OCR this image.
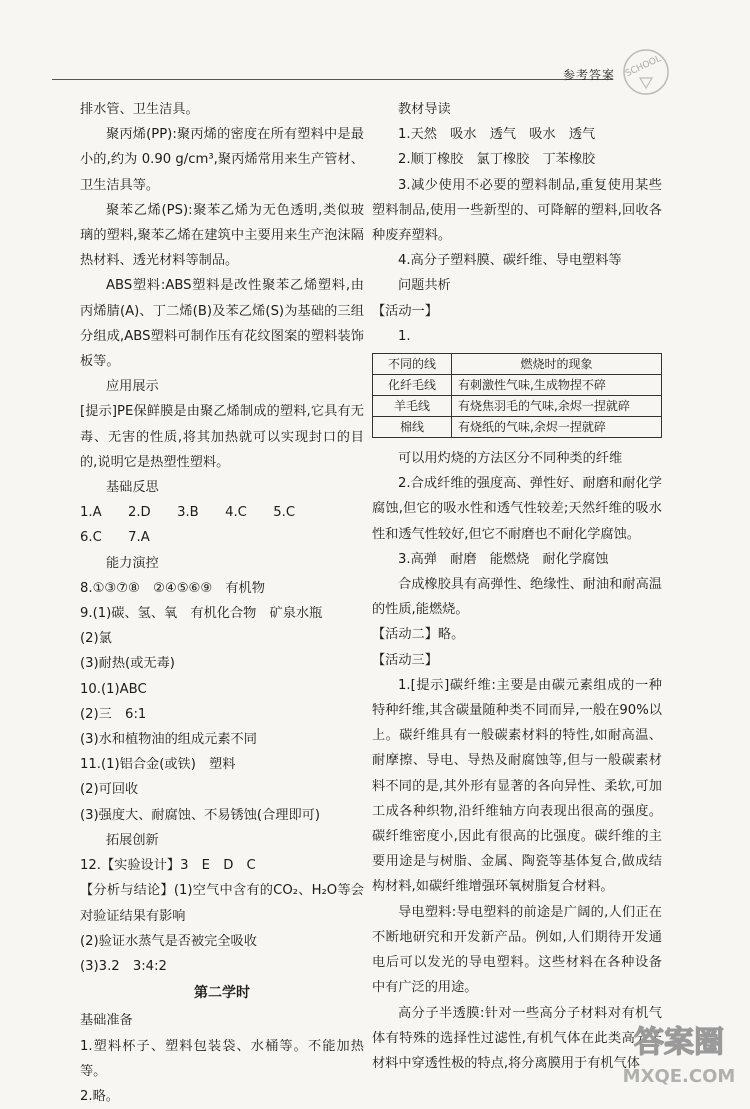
参考答案 SCHOOL

排水管、卫生洁具。

聚丙烯(PP):聚丙烯的密度在所有塑料中是最小的,约为 0.90 g/cm³,聚丙烯常用来生产管材、卫生洁具等。

聚苯乙烯(PS):聚苯乙烯为无色透明,类似玻璃的塑料,聚苯乙烯在建筑中主要用来生产泡沫隔热材料、透光材料等制品。

ABS塑料:ABS塑料是改性聚苯乙烯塑料,由丙烯腈(A)、丁二烯(B)及苯乙烯(S)为基础的三组分组成,ABS塑料可制作压有花纹图案的塑料装饰板等。

应用展示

[提示]PE保鲜膜是由聚乙烯制成的塑料,它具有无毒、无害的性质,将其加热就可以实现封口的目的,说明它是热塑性塑料。

基础反思

1.A　　2.D　　3.B　　4.C　　5.C

6.C　　7.A

能力演控

8.①③⑦⑧　②④⑤⑥⑨　有机物

9.(1)碳、氢、氧　有机化合物　矿泉水瓶

(2)氯

(3)耐热(或无毒)

10.(1)ABC

(2)三　6:1

(3)水和植物油的组成元素不同

11.(1)铝合金(或铁)　塑料

(2)可回收

(3)强度大、耐腐蚀、不易锈蚀(合理即可)

拓展创新

12.【实验设计】3　E　D　C

【分析与结论】(1)空气中含有的CO₂、H₂O等会对验证结果有影响

(2)验证水蒸气是否被完全吸收

(3)3.2　3:4:2

第二学时

基础准备

1.塑料杯子、塑料包装袋、水桶等。不能加热等。

2.略。

教材导读

1.天然　吸水　透气　吸水　透气

2.顺丁橡胶　氯丁橡胶　丁苯橡胶

3.减少使用不必要的塑料制品,重复使用某些塑料制品,使用一些新型的、可降解的塑料,回收各种废弃塑料。

4.高分子塑料膜、碳纤维、导电塑料等

问题共析

【活动一】

1.

不同的线	燃烧时的现象
化纤毛线	有刺激性气味,生成物捏不碎
羊毛线	有烧焦羽毛的气味,余烬一捏就碎
棉线	有烧纸的气味,余烬一捏就碎

可以用灼烧的方法区分不同种类的纤维

2.合成纤维的强度高、弹性好、耐磨和耐化学腐蚀,但它的吸水性和透气性较差;天然纤维的吸水性和透气性较好,但它不耐磨也不耐化学腐蚀。

3.高弹　耐磨　能燃烧　耐化学腐蚀

合成橡胶具有高弹性、绝缘性、耐油和耐高温的性质,能燃烧。

【活动二】略。

【活动三】

1.[提示]碳纤维:主要是由碳元素组成的一种特种纤维,其含碳量随种类不同而异,一般在90%以上。碳纤维具有一般碳素材料的特性,如耐高温、耐摩擦、导电、导热及耐腐蚀等,但与一般碳素材料不同的是,其外形有显著的各向异性、柔软,可加工成各种织物,沿纤维轴方向表现出很高的强度。碳纤维密度小,因此有很高的比强度。碳纤维的主要用途是与树脂、金属、陶瓷等基体复合,做成结构材料,如碳纤维增强环氧树脂复合材料。

导电塑料:导电塑料的前途是广阔的,人们正在不断地研究和开发新产品。例如,人们期待开发通电后可以发光的导电塑料。这些材料在各种设备中有广泛的用途。

高分子半透膜:针对一些高分子材料对有机气体有特殊的选择性过滤性,有机气体在此类高分子材料中穿透性极的特点,将分离膜用于有机气体

答案圈
MXQE.COM
